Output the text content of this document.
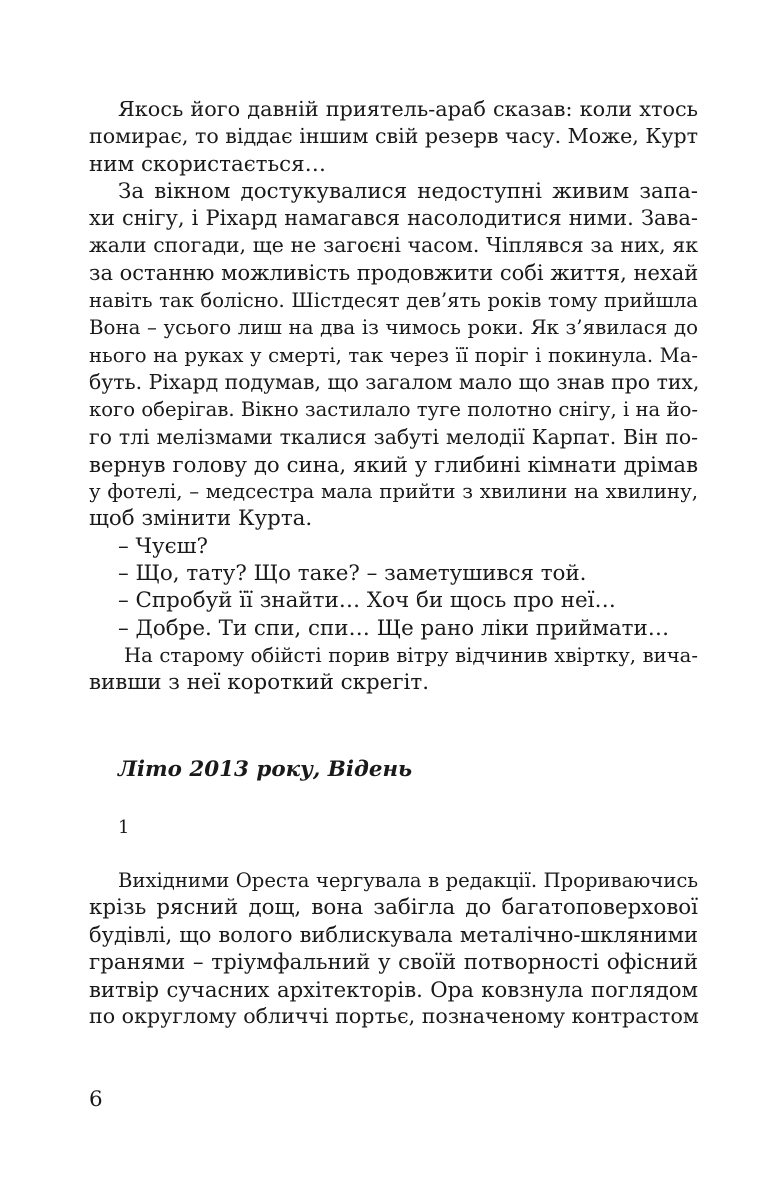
Якось його давній приятель-араб сказав: коли хтось
помирає, то віддає іншим свій резерв часу. Може, Курт
ним скористається…
За вікном достукувалися недоступні живим запа-
хи снігу, і Ріхард намагався насолодитися ними. Зава-
жали спогади, ще не загоєні часом. Чіплявся за них, як
за останню можливість продовжити собі життя, нехай
навіть так болісно. Шістдесят дев’ять років тому прийшла
Вона – усього лиш на два із чимось роки. Як з’явилася до
нього на руках у смерті, так через її поріг і покинула. Ма-
буть. Ріхард подумав, що загалом мало що знав про тих,
кого оберігав. Вікно застилало туге полотно снігу, і на йо-
го тлі мелізмами ткалися забуті мелодії Карпат. Він по-
вернув голову до сина, який у глибині кімнати дрімав
у фотелі, – медсестра мала прийти з хвилини на хвилину,
щоб змінити Курта.
– Чуєш?
– Що, тату? Що таке? – заметушився той.
– Спробуй її знайти… Хоч би щось про неї…
– Добре. Ти спи, спи… Ще рано ліки приймати…
На старому обійсті порив вітру відчинив хвіртку, вича-
вивши з неї короткий скрегіт.
Літо 2013 року, Відень
1
Вихідними Ореста чергувала в редакції. Прориваючись
крізь рясний дощ, вона забігла до багатоповерхової
будівлі, що волого виблискувала металічно-шкляними
гранями – тріумфальний у своїй потворності офісний
витвір сучасних архітекторів. Ора ковзнула поглядом
по округлому обличчі портьє, позначеному контрастом
6
